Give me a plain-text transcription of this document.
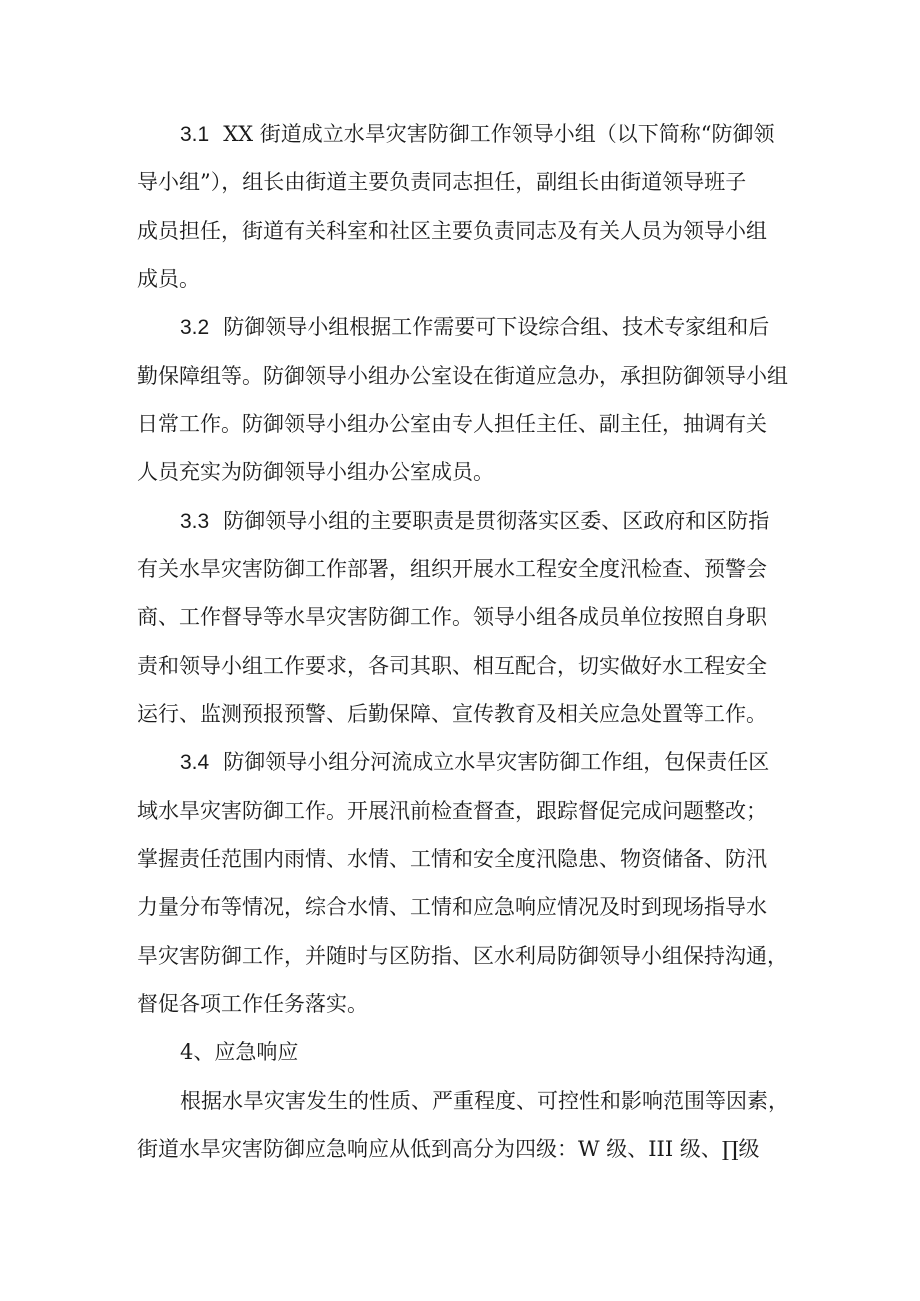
3.1 XX 街道成立水旱灾害防御工作领导小组（以下简称“防御领
导小组”），组长由街道主要负责同志担任，副组长由街道领导班子
成员担任，街道有关科室和社区主要负责同志及有关人员为领导小组
成员。
3.2 防御领导小组根据工作需要可下设综合组、技术专家组和后
勤保障组等。防御领导小组办公室设在街道应急办，承担防御领导小组
日常工作。防御领导小组办公室由专人担任主任、副主任，抽调有关
人员充实为防御领导小组办公室成员。
3.3 防御领导小组的主要职责是贯彻落实区委、区政府和区防指
有关水旱灾害防御工作部署，组织开展水工程安全度汛检查、预警会
商、工作督导等水旱灾害防御工作。领导小组各成员单位按照自身职
责和领导小组工作要求，各司其职、相互配合，切实做好水工程安全
运行、监测预报预警、后勤保障、宣传教育及相关应急处置等工作。
3.4 防御领导小组分河流成立水旱灾害防御工作组，包保责任区
域水旱灾害防御工作。开展汛前检查督查，跟踪督促完成问题整改；
掌握责任范围内雨情、水情、工情和安全度汛隐患、物资储备、防汛
力量分布等情况，综合水情、工情和应急响应情况及时到现场指导水
旱灾害防御工作，并随时与区防指、区水利局防御领导小组保持沟通，
督促各项工作任务落实。
4、应急响应
根据水旱灾害发生的性质、严重程度、可控性和影响范围等因素，
街道水旱灾害防御应急响应从低到高分为四级：W 级、III 级、∏级
